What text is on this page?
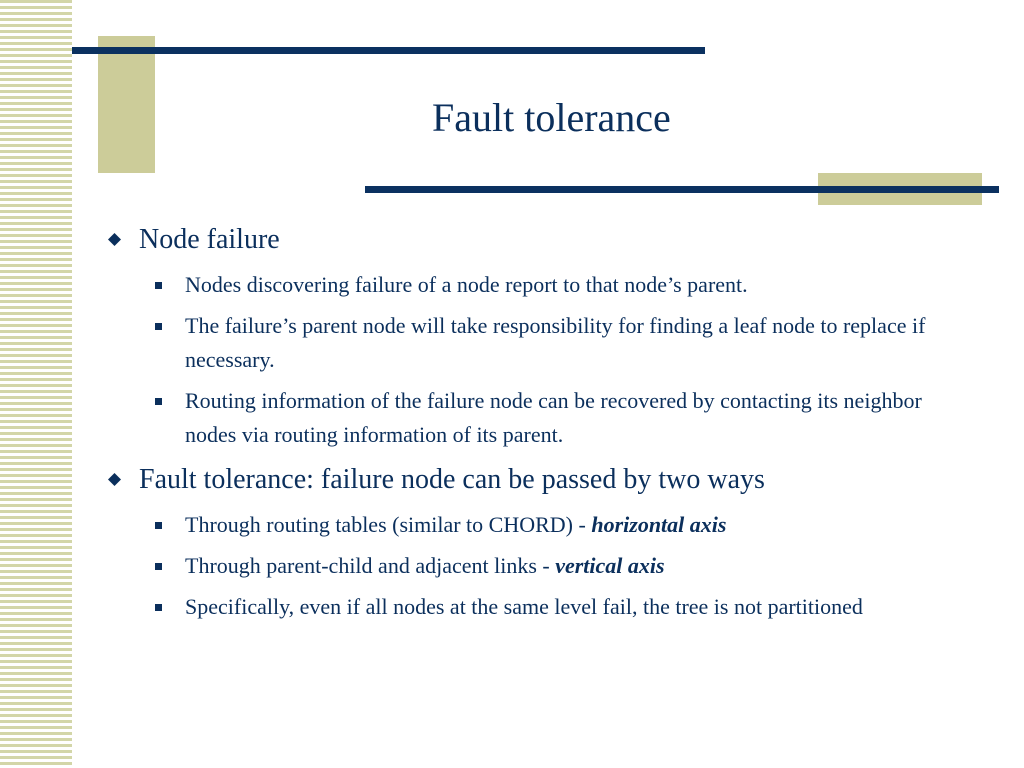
Fault tolerance
Node failure
Nodes discovering failure of a node report to that node’s parent.
The failure’s parent node will take responsibility for finding a leaf node to replace if necessary.
Routing information of the failure node can be recovered by contacting its neighbor nodes via routing information of its parent.
Fault tolerance: failure node can be passed by two ways
Through routing tables (similar to CHORD) - horizontal axis
Through parent-child and adjacent links - vertical axis
Specifically, even if all nodes at the same level fail, the tree is not partitioned
